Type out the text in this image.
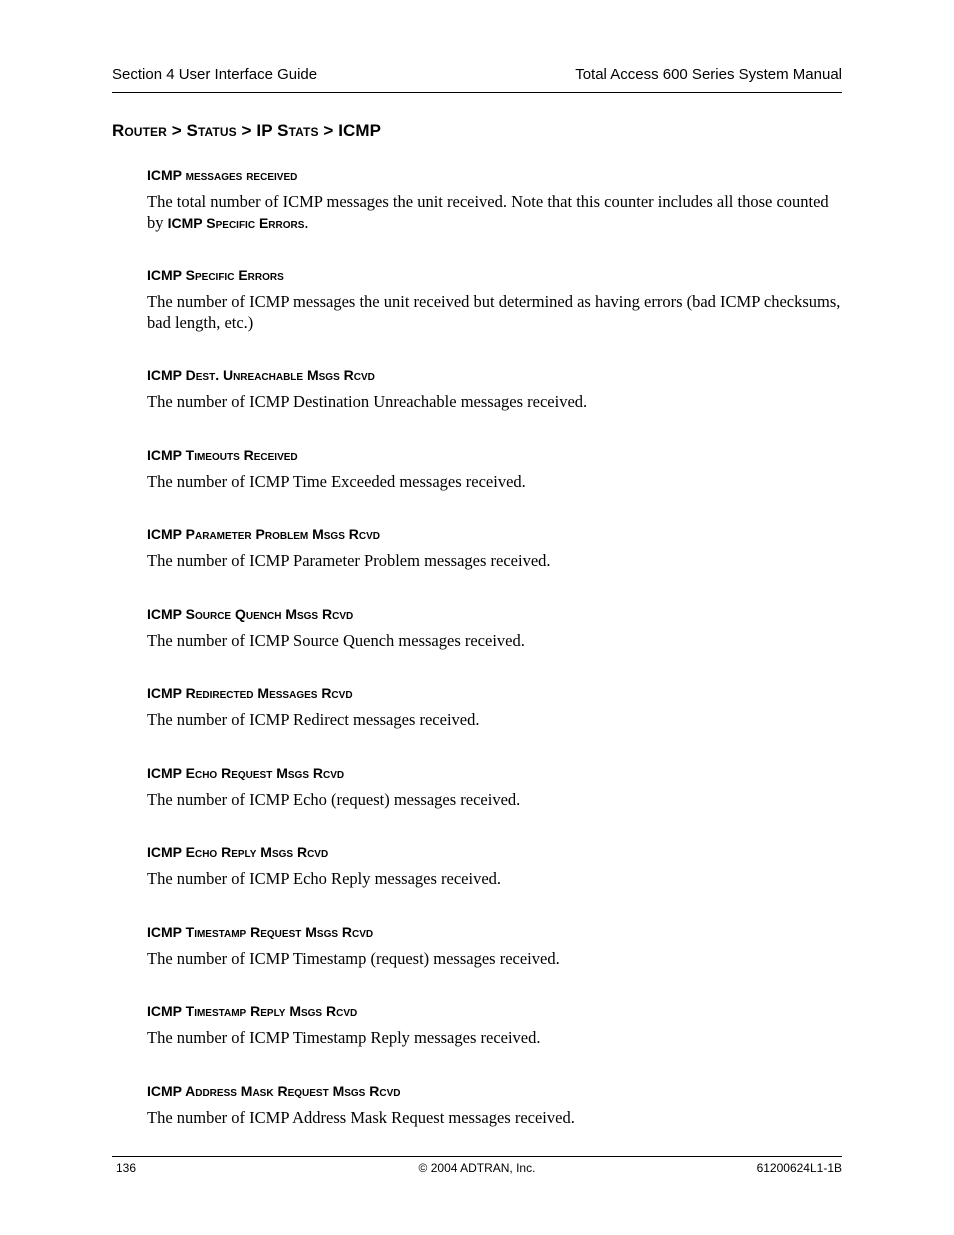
Section 4 User Interface Guide	Total Access 600 Series System Manual
Router > Status > IP Stats > ICMP
ICMP messages received
The total number of ICMP messages the unit received. Note that this counter includes all those counted by ICMP Specific Errors.
ICMP Specific Errors
The number of ICMP messages the unit received but determined as having errors (bad ICMP checksums, bad length, etc.)
ICMP Dest. Unreachable Msgs Rcvd
The number of ICMP Destination Unreachable messages received.
ICMP Timeouts Received
The number of ICMP Time Exceeded messages received.
ICMP Parameter Problem Msgs Rcvd
The number of ICMP Parameter Problem messages received.
ICMP Source Quench Msgs Rcvd
The number of ICMP Source Quench messages received.
ICMP Redirected Messages Rcvd
The number of ICMP Redirect messages received.
ICMP Echo Request Msgs Rcvd
The number of ICMP Echo (request) messages received.
ICMP Echo Reply Msgs Rcvd
The number of ICMP Echo Reply messages received.
ICMP Timestamp Request Msgs Rcvd
The number of ICMP Timestamp (request) messages received.
ICMP Timestamp Reply Msgs Rcvd
The number of ICMP Timestamp Reply messages received.
ICMP Address Mask Request Msgs Rcvd
The number of ICMP Address Mask Request messages received.
136	© 2004 ADTRAN, Inc.	61200624L1-1B
